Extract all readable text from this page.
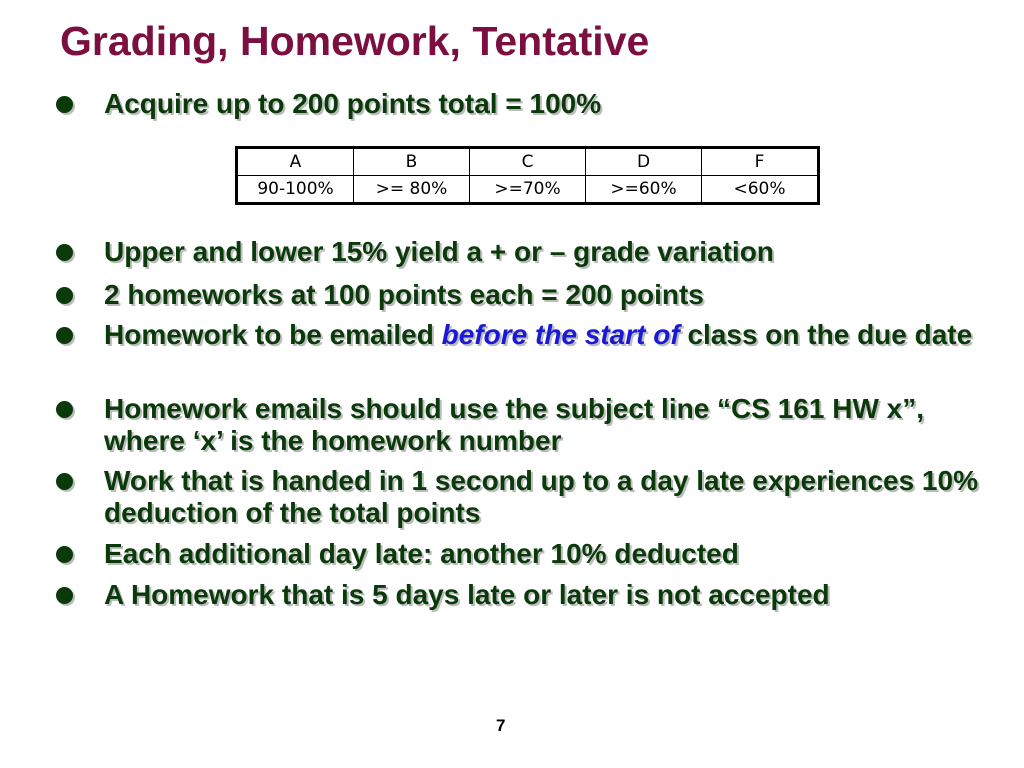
Grading, Homework, Tentative
Acquire up to 200 points total = 100%
A	B	C	D	F
90-100%	>= 80%	>=70%	>=60%	<60%
Upper and lower 15% yield a + or – grade variation
2 homeworks at 100 points each = 200 points
Homework to be emailed before the start of class on the due date
Homework emails should use the subject line “CS 161 HW x”, where ‘x’ is the homework number
Work that is handed in 1 second up to a day late experiences 10% deduction of the total points
Each additional day late: another 10% deducted
A Homework that is 5 days late or later is not accepted
7
